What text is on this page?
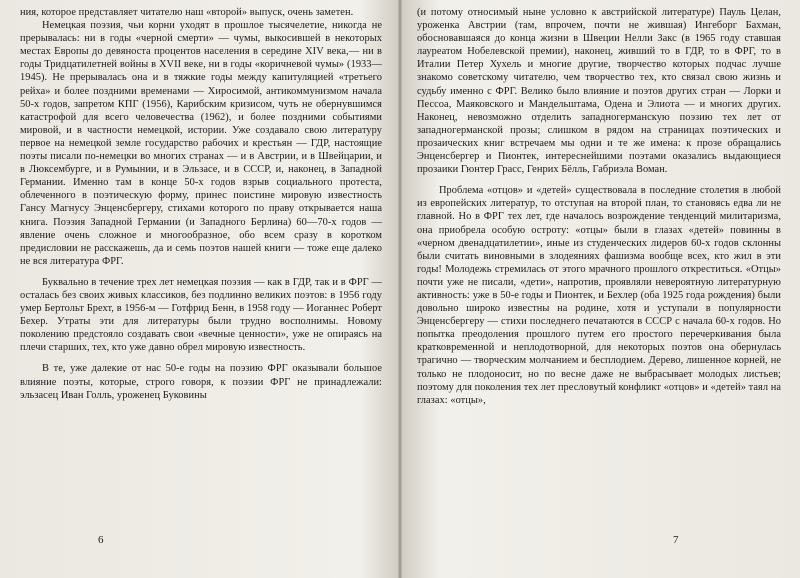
ния, которое представляет читателю наш «второй» выпуск, очень заметен.

Немецкая поэзия, чьи корни уходят в прошлое тысячелетие, никогда не прерывалась: ни в годы «черной смерти» — чумы, выкосившей в некоторых местах Европы до девяноста процентов населения в середине XIV века,— ни в годы Тридцатилетней войны в XVII веке, ни в годы «коричневой чумы» (1933—1945). Не прерывалась она и в тяжкие годы между капитуляцией «третьего рейха» и более поздними временами — Хиросимой, антикоммунизмом начала 50-х годов, запретом КПГ (1956), Карибским кризисом, чуть не обернувшимся катастрофой для всего человечества (1962), и более поздними событиями мировой, и в частности немецкой, истории. Уже создавало свою литературу первое на немецкой земле государство рабочих и крестьян — ГДР, настоящие поэты писали по-немецки во многих странах — и в Австрии, и в Швейцарии, и в Люксембурге, и в Румынии, и в Эльзасе, и в СССР, и, наконец, в Западной Германии. Именно там в конце 50-х годов взрыв социального протеста, облеченного в поэтическую форму, принес поистине мировую известность Гансу Магнусу Энценсбергеру, стихами которого по праву открывается наша книга. Поэзия Западной Германии (и Западного Берлина) 60—70-х годов — явление очень сложное и многообразное, обо всем сразу в коротком предисловии не расскажешь, да и семь поэтов нашей книги — тоже еще далеко не вся литература ФРГ.

Буквально в течение трех лет немецкая поэзия — как в ГДР, так и в ФРГ — осталась без своих живых классиков, без подлинно великих поэтов: в 1956 году умер Бертольт Брехт, в 1956-м — Готфрид Бенн, в 1958 году — Иоганнес Роберт Бехер. Утраты эти для литературы были трудно восполнимы. Новому поколению предстояло создавать свои «вечные ценности», уже не опираясь на плечи старших, тех, кто уже давно обрел мировую известность.

В те, уже далекие от нас 50-е годы на поэзию ФРГ оказывали большое влияние поэты, которые, строго говоря, к поэзии ФРГ не принадлежали: эльзасец Иван Голль, уроженец Буковины

6

(и потому относимый ныне условно к австрийской литературе) Пауль Целан, уроженка Австрии (там, впрочем, почти не жившая) Ингеборг Бахман, обосновавшаяся до конца жизни в Швеции Нелли Закс (в 1965 году ставшая лауреатом Нобелевской премии), наконец, живший то в ГДР, то в ФРГ, то в Италии Петер Хухель и многие другие, творчество которых подчас лучше знакомо советскому читателю, чем творчество тех, кто связал свою жизнь и судьбу именно с ФРГ. Велико было влияние и поэтов других стран — Лорки и Пессоа, Маяковского и Мандельштама, Одена и Элиота — и многих других. Наконец, невозможно отделить западногерманскую поэзию тех лет от западногерманской прозы; слишком в рядом на страницах поэтических и прозаических книг встречаем мы одни и те же имена: к прозе обращались Энценсбергер и Пионтек, интереснейшими поэтами оказались выдающиеся прозаики Гюнтер Грасс, Генрих Бёлль, Габриэла Воман.

Проблема «отцов» и «детей» существовала в последние столетия в любой из европейских литератур, то отступая на второй план, то становясь едва ли не главной. Но в ФРГ тех лет, где началось возрождение тенденций милитаризма, она приобрела особую остроту: «отцы» были в глазах «детей» повинны в «черном двенадцатилетии», иные из студенческих лидеров 60-х годов склонны были считать виновными в злодеяниях фашизма вообще всех, кто жил в эти годы! Молодежь стремилась от этого мрачного прошлого откреститься. «Отцы» почти уже не писали, «дети», напротив, проявляли невероятную литературную активность: уже в 50-е годы и Пионтек, и Бехлер (оба 1925 года рождения) были довольно широко известны на родине, хотя и уступали в популярности Энценсбергеру — стихи последнего печатаются в СССР с начала 60-х годов. Но попытка преодоления прошлого путем его простого перечеркивания была кратковременной и неплодотворной, для некоторых поэтов она обернулась трагично — творческим молчанием и бесплодием. Дерево, лишенное корней, не только не плодоносит, но по весне даже не выбрасывает молодых листьев; поэтому для поколения тех лет пресловутый конфликт «отцов» и «детей» таял на глазах: «отцы»,

7
